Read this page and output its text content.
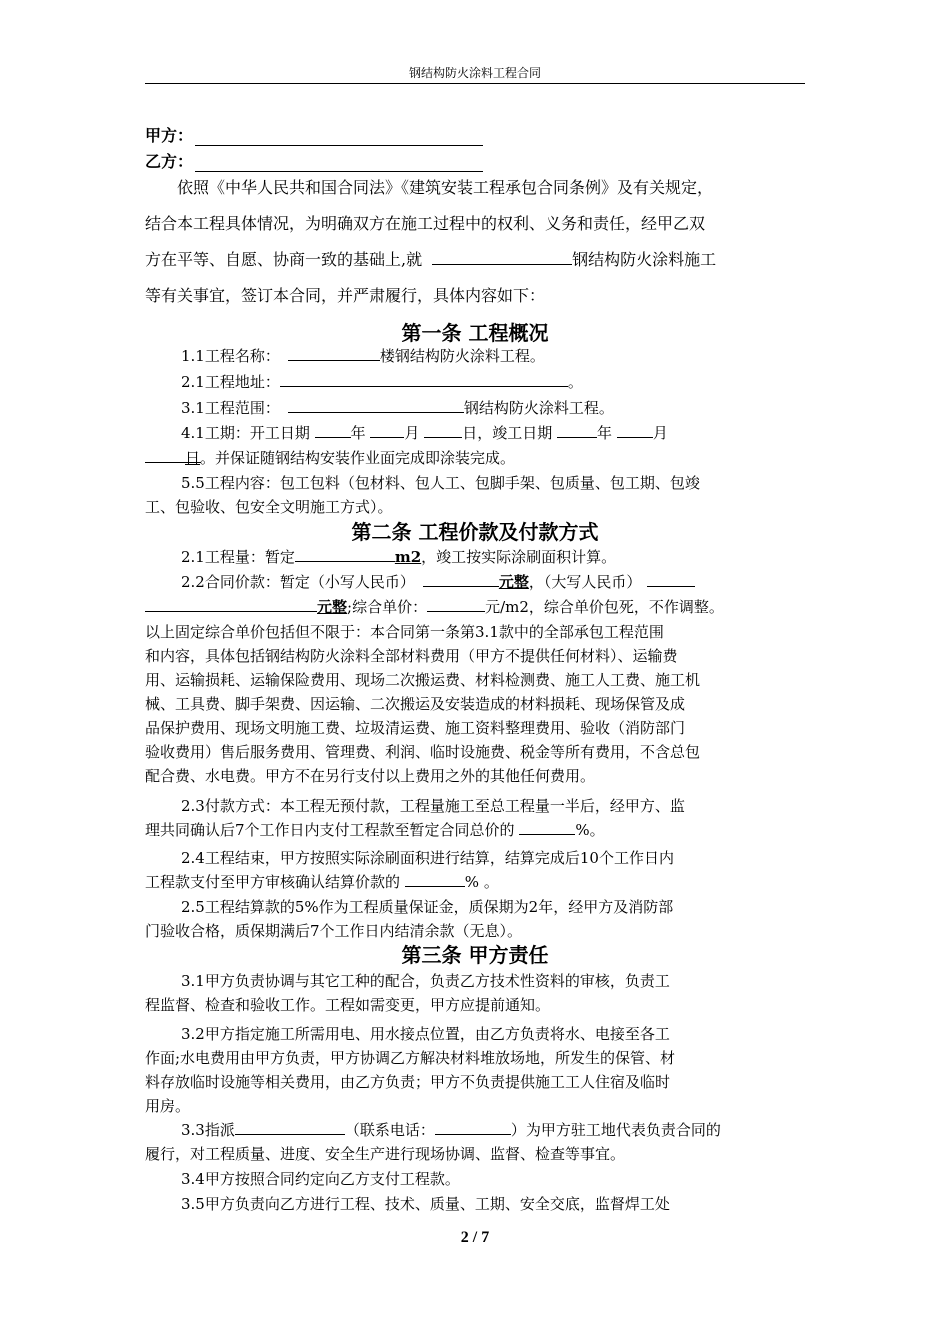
钢结构防火涂料工程合同
甲方：
乙方：
依照《中华人民共和国合同法》《建筑安装工程承包合同条例》及有关规定，
结合本工程具体情况，为明确双方在施工过程中的权利、义务和责任，经甲乙双
方在平等、自愿、协商一致的基础上,就	钢结构防火涂料施工
等有关事宜，签订本合同，并严肃履行，具体内容如下：
第一条 工程概况
1.1工程名称：	楼钢结构防火涂料工程。
2.1工程地址：	。
3.1工程范围：	钢结构防火涂料工程。
4.1工期：开工日期	年	月	日，竣工日期	年	月
日。并保证随钢结构安装作业面完成即涂装完成。
5.5工程内容：包工包料（包材料、包人工、包脚手架、包质量、包工期、包竣
工、包验收、包安全文明施工方式）。
第二条 工程价款及付款方式
2.1工程量：暂定	m2，竣工按实际涂刷面积计算。
2.2合同价款：暂定（小写人民币）	元整，（大写人民币）
元整;综合单价：	元/m2，综合单价包死，不作调整。
以上固定综合单价包括但不限于：本合同第一条第3.1款中的全部承包工程范围
和内容，具体包括钢结构防火涂料全部材料费用（甲方不提供任何材料）、运输费
用、运输损耗、运输保险费用、现场二次搬运费、材料检测费、施工人工费、施工机
械、工具费、脚手架费、因运输、二次搬运及安装造成的材料损耗、现场保管及成
品保护费用、现场文明施工费、垃圾清运费、施工资料整理费用、验收（消防部门
验收费用）售后服务费用、管理费、利润、临时设施费、税金等所有费用，不含总包
配合费、水电费。甲方不在另行支付以上费用之外的其他任何费用。
2.3付款方式：本工程无预付款，工程量施工至总工程量一半后，经甲方、监
理共同确认后7个工作日内支付工程款至暂定合同总价的	%。
2.4工程结束，甲方按照实际涂刷面积进行结算，结算完成后10个工作日内
工程款支付至甲方审核确认结算价款的	% 。
2.5工程结算款的5%作为工程质量保证金，质保期为2年，经甲方及消防部
门验收合格，质保期满后7个工作日内结清余款（无息）。
第三条 甲方责任
3.1甲方负责协调与其它工种的配合，负责乙方技术性资料的审核，负责工
程监督、检查和验收工作。工程如需变更，甲方应提前通知。
3.2甲方指定施工所需用电、用水接点位置，由乙方负责将水、电接至各工
作面;水电费用由甲方负责，甲方协调乙方解决材料堆放场地，所发生的保管、材
料存放临时设施等相关费用，由乙方负责；甲方不负责提供施工工人住宿及临时
用房。
3.3指派	（联系电话：	）为甲方驻工地代表负责合同的
履行，对工程质量、进度、安全生产进行现场协调、监督、检查等事宜。
3.4甲方按照合同约定向乙方支付工程款。
3.5甲方负责向乙方进行工程、技术、质量、工期、安全交底，监督焊工处
2 / 7
